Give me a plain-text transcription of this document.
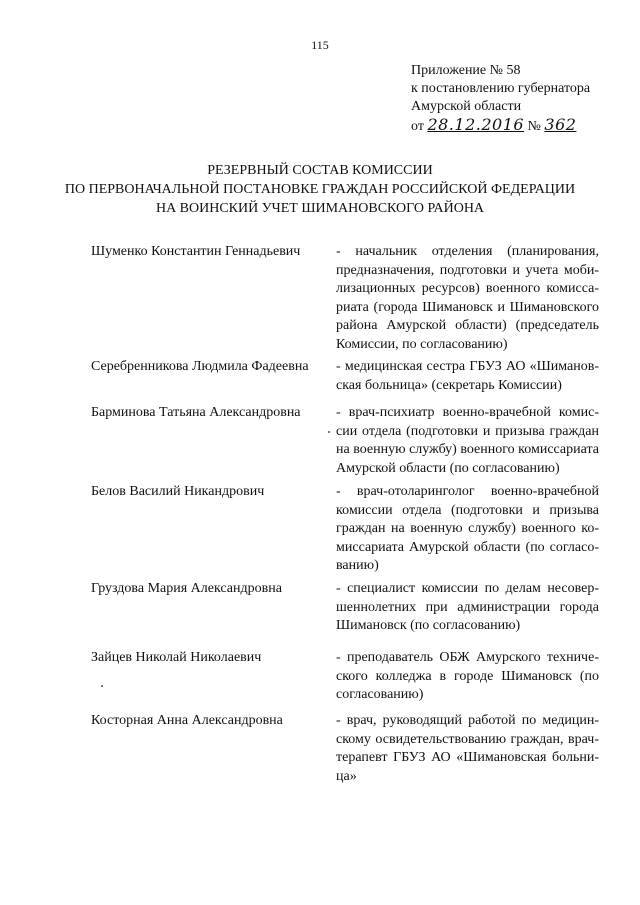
115
Приложение № 58
к постановлению губернатора
Амурской области
от 28.12.2016 № 362
РЕЗЕРВНЫЙ СОСТАВ КОМИССИИ
ПО ПЕРВОНАЧАЛЬНОЙ ПОСТАНОВКЕ ГРАЖДАН РОССИЙСКОЙ ФЕДЕРАЦИИ
НА ВОИНСКИЙ УЧЕТ ШИМАНОВСКОГО РАЙОНА
Шуменко Константин Геннадьевич	- начальник отделения (планирования, предназначения, подготовки и учета мобилизационных ресурсов) военного комиссариата (города Шимановск и Шимановского района Амурской области) (председатель Комиссии, по согласованию)
Серебренникова Людмила Фадеевна	- медицинская сестра ГБУЗ АО «Шимановская больница» (секретарь Комиссии)
Барминова Татьяна Александровна	- врач-психиатр военно-врачебной комиссии отдела (подготовки и призыва граждан на военную службу) военного комиссариата Амурской области (по согласованию)
Белов Василий Никандрович	- врач-отоларинголог военно-врачебной комиссии отдела (подготовки и призыва граждан на военную службу) военного комиссариата Амурской области (по согласованию)
Груздова Мария Александровна	- специалист комиссии по делам несовершеннолетних при администрации города Шимановск (по согласованию)
Зайцев Николай Николаевич	- преподаватель ОБЖ Амурского технического колледжа в городе Шимановск (по согласованию)
Косторная Анна Александровна	- врач, руководящий работой по медицинскому освидетельствованию граждан, врачтерапевт ГБУЗ АО «Шимановская больница»
